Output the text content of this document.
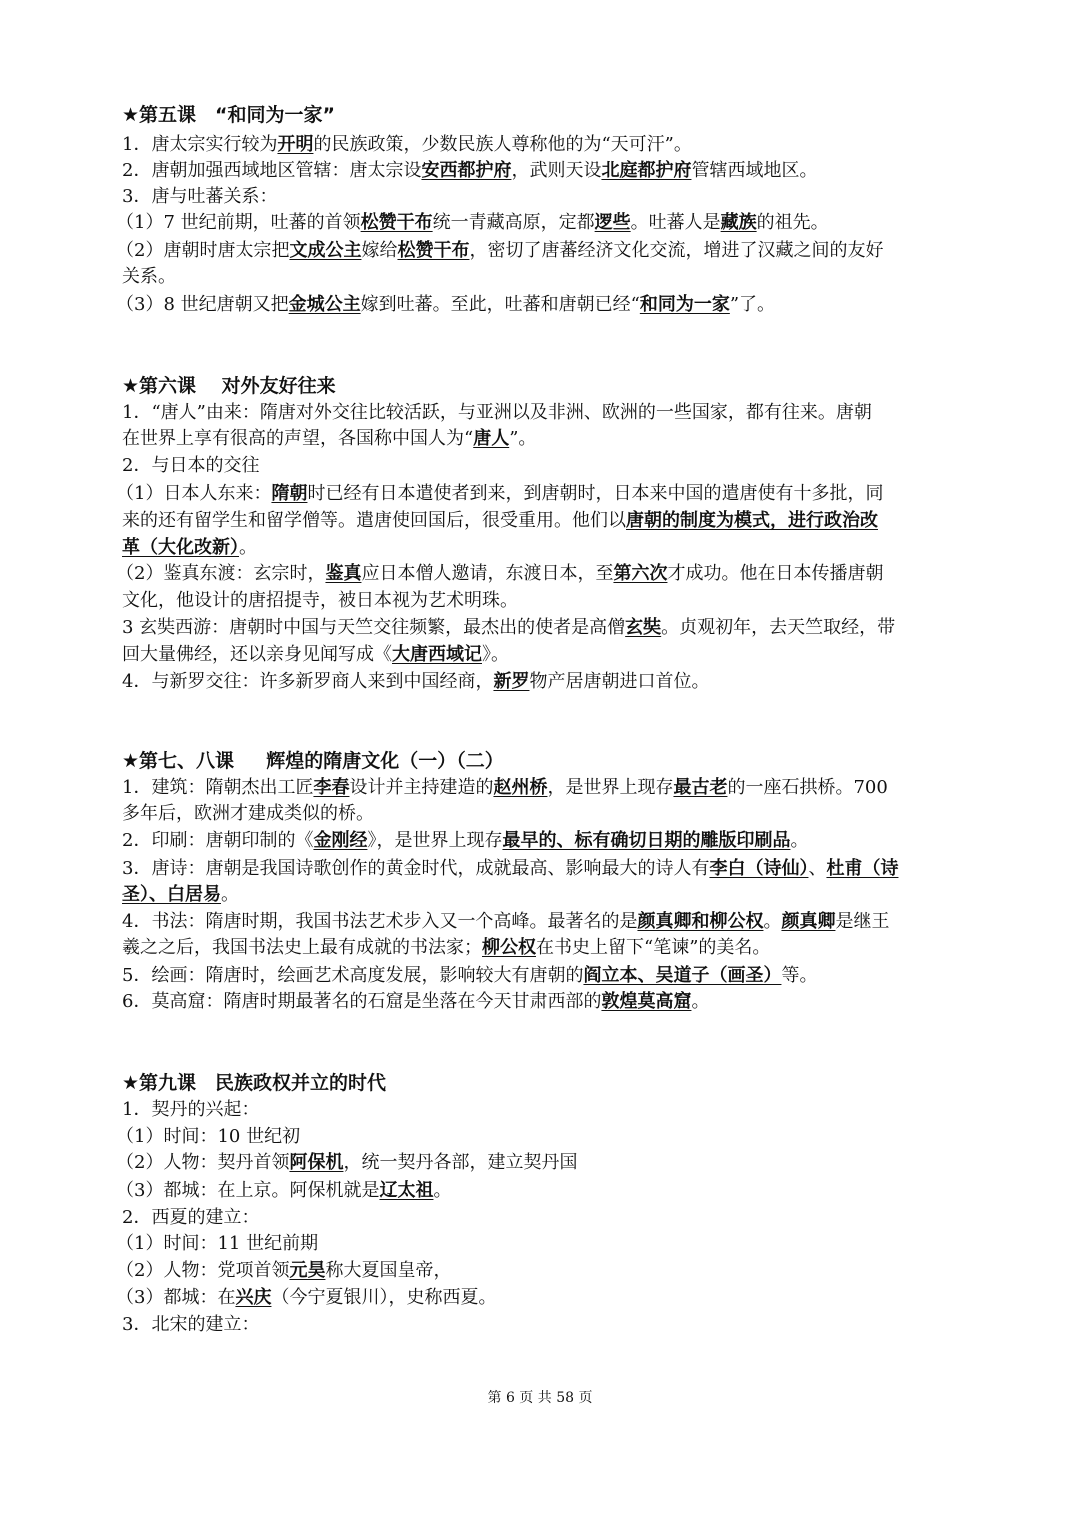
★第五课　“和同为一家”
1．唐太宗实行较为开明的民族政策，少数民族人尊称他的为“天可汗”。
2．唐朝加强西域地区管辖：唐太宗设安西都护府，武则天设北庭都护府管辖西域地区。
3．唐与吐蕃关系：
（1）7 世纪前期，吐蕃的首领松赞干布统一青藏高原，定都逻些。吐蕃人是藏族的祖先。
（2）唐朝时唐太宗把文成公主嫁给松赞干布，密切了唐蕃经济文化交流，增进了汉藏之间的友好
关系。
（3）8 世纪唐朝又把金城公主嫁到吐蕃。至此，吐蕃和唐朝已经“和同为一家”了。
★第六课　 对外友好往来
1．“唐人”由来：隋唐对外交往比较活跃，与亚洲以及非洲、欧洲的一些国家，都有往来。唐朝
在世界上享有很高的声望，各国称中国人为“唐人”。
2．与日本的交往
（1）日本人东来：隋朝时已经有日本遣使者到来，到唐朝时，日本来中国的遣唐使有十多批，同
来的还有留学生和留学僧等。遣唐使回国后，很受重用。他们以唐朝的制度为模式，进行政治改
革（大化改新）。
（2）鉴真东渡：玄宗时，鉴真应日本僧人邀请，东渡日本，至第六次才成功。他在日本传播唐朝
文化，他设计的唐招提寺，被日本视为艺术明珠。
3 玄奘西游：唐朝时中国与天竺交往频繁，最杰出的使者是高僧玄奘。贞观初年，去天竺取经，带
回大量佛经，还以亲身见闻写成《大唐西域记》。
4．与新罗交往：许多新罗商人来到中国经商，新罗物产居唐朝进口首位。
★第七、八课　  辉煌的隋唐文化（一）（二）
1．建筑：隋朝杰出工匠李春设计并主持建造的赵州桥，是世界上现存最古老的一座石拱桥。700
多年后，欧洲才建成类似的桥。
2．印刷：唐朝印制的《金刚经》，是世界上现存最早的、标有确切日期的雕版印刷品。
3．唐诗：唐朝是我国诗歌创作的黄金时代，成就最高、影响最大的诗人有李白（诗仙）、杜甫（诗
圣）、白居易。
4．书法：隋唐时期，我国书法艺术步入又一个高峰。最著名的是颜真卿和柳公权。颜真卿是继王
羲之之后，我国书法史上最有成就的书法家；柳公权在书史上留下“笔谏”的美名。
5．绘画：隋唐时，绘画艺术高度发展，影响较大有唐朝的阎立本、吴道子（画圣）等。
6．莫高窟：隋唐时期最著名的石窟是坐落在今天甘肃西部的敦煌莫高窟。
★第九课　民族政权并立的时代
1．契丹的兴起：
（1）时间：10 世纪初
（2）人物：契丹首领阿保机，统一契丹各部，建立契丹国
（3）都城：在上京。阿保机就是辽太祖。
2．西夏的建立：
（1）时间：11 世纪前期
（2）人物：党项首领元昊称大夏国皇帝，
（3）都城：在兴庆（今宁夏银川），史称西夏。
3．北宋的建立：
第 6 页 共 58 页
